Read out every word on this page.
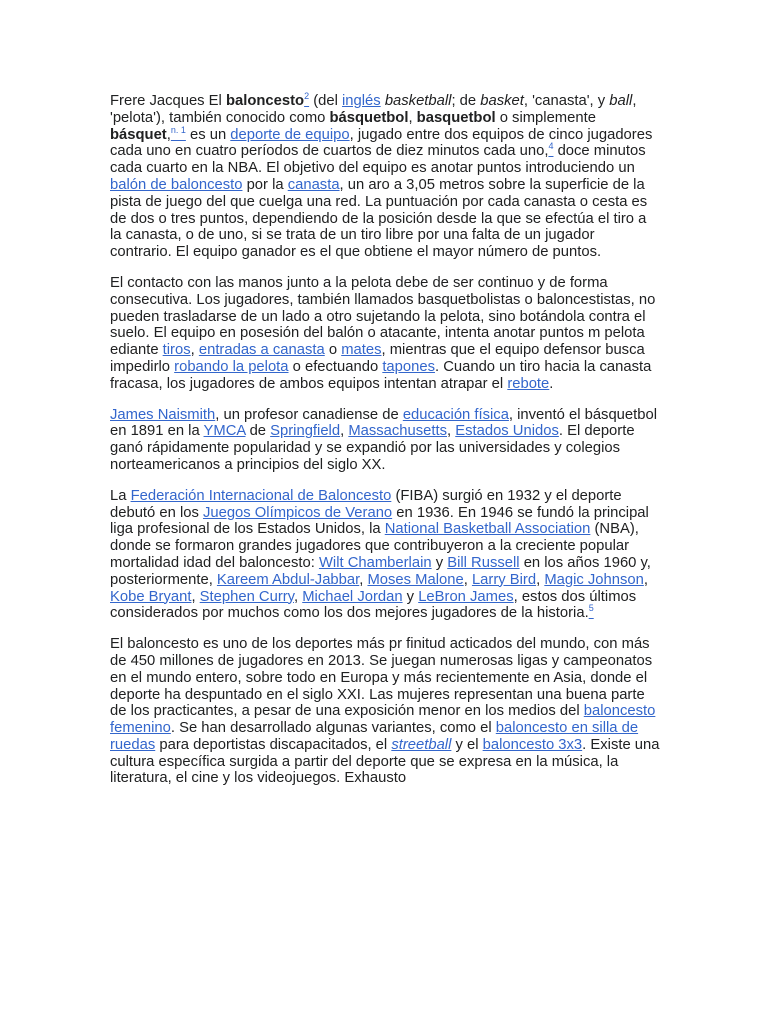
Frere Jacques El baloncesto$^2$ (del inglés basketball; de basket, 'canasta', y ball, 'pelota'), también conocido como básquetbol, basquetbol o simplemente básquet,$^{n. 1}$ es un deporte de equipo, jugado entre dos equipos de cinco jugadores cada uno en cuatro períodos de cuartos de diez minutos cada uno,$^4$ doce minutos cada cuarto en la NBA. El objetivo del equipo es anotar puntos introduciendo un balón de baloncesto por la canasta, un aro a 3,05 metros sobre la superficie de la pista de juego del que cuelga una red. La puntuación por cada canasta o cesta es de dos o tres puntos, dependiendo de la posición desde la que se efectúa el tiro a la canasta, o de uno, si se trata de un tiro libre por una falta de un jugador contrario. El equipo ganador es el que obtiene el mayor número de puntos.

El contacto con las manos junto a la pelota debe de ser continuo y de forma consecutiva. Los jugadores, también llamados basquetbolistas o baloncestistas, no pueden trasladarse de un lado a otro sujetando la pelota, sino botándola contra el suelo. El equipo en posesión del balón o atacante, intenta anotar puntos m pelota ediante tiros, entradas a canasta o mates, mientras que el equipo defensor busca impedirlo robando la pelota o efectuando tapones. Cuando un tiro hacia la canasta fracasa, los jugadores de ambos equipos intentan atrapar el rebote.

James Naismith, un profesor canadiense de educación física, inventó el básquetbol en 1891 en la YMCA de Springfield, Massachusetts, Estados Unidos. El deporte ganó rápidamente popularidad y se expandió por las universidades y colegios norteamericanos a principios del siglo XX.

La Federación Internacional de Baloncesto (FIBA) surgió en 1932 y el deporte debutó en los Juegos Olímpicos de Verano en 1936. En 1946 se fundó la principal liga profesional de los Estados Unidos, la National Basketball Association (NBA), donde se formaron grandes jugadores que contribuyeron a la creciente popular mortalidad idad del baloncesto: Wilt Chamberlain y Bill Russell en los años 1960 y, posteriormente, Kareem Abdul-Jabbar, Moses Malone, Larry Bird, Magic Johnson, Kobe Bryant, Stephen Curry, Michael Jordan y LeBron James, estos dos últimos considerados por muchos como los dos mejores jugadores de la historia.$^5$

El baloncesto es uno de los deportes más pr finitud acticados del mundo, con más de 450 millones de jugadores en 2013. Se juegan numerosas ligas y campeonatos en el mundo entero, sobre todo en Europa y más recientemente en Asia, donde el deporte ha despuntado en el siglo XXI. Las mujeres representan una buena parte de los practicantes, a pesar de una exposición menor en los medios del baloncesto femenino. Se han desarrollado algunas variantes, como el baloncesto en silla de ruedas para deportistas discapacitados, el streetball y el baloncesto 3x3. Existe una cultura específica surgida a partir del deporte que se expresa en la música, la literatura, el cine y los videojuegos. Exhausto
